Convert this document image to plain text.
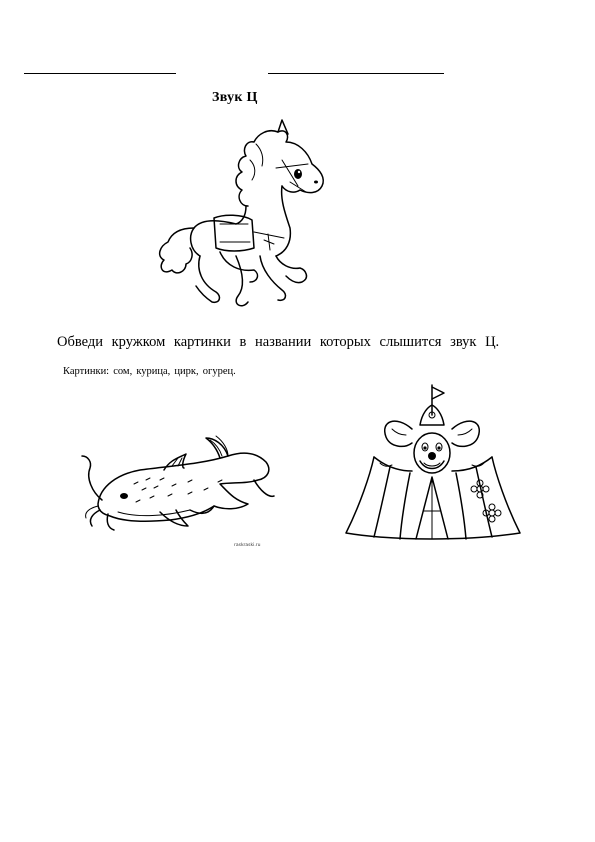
Звук Ц
Обведи кружком картинки в названии которых слышится звук Ц.
Картинки: сом, курица, цирк, огурец.
raskraski.ru
